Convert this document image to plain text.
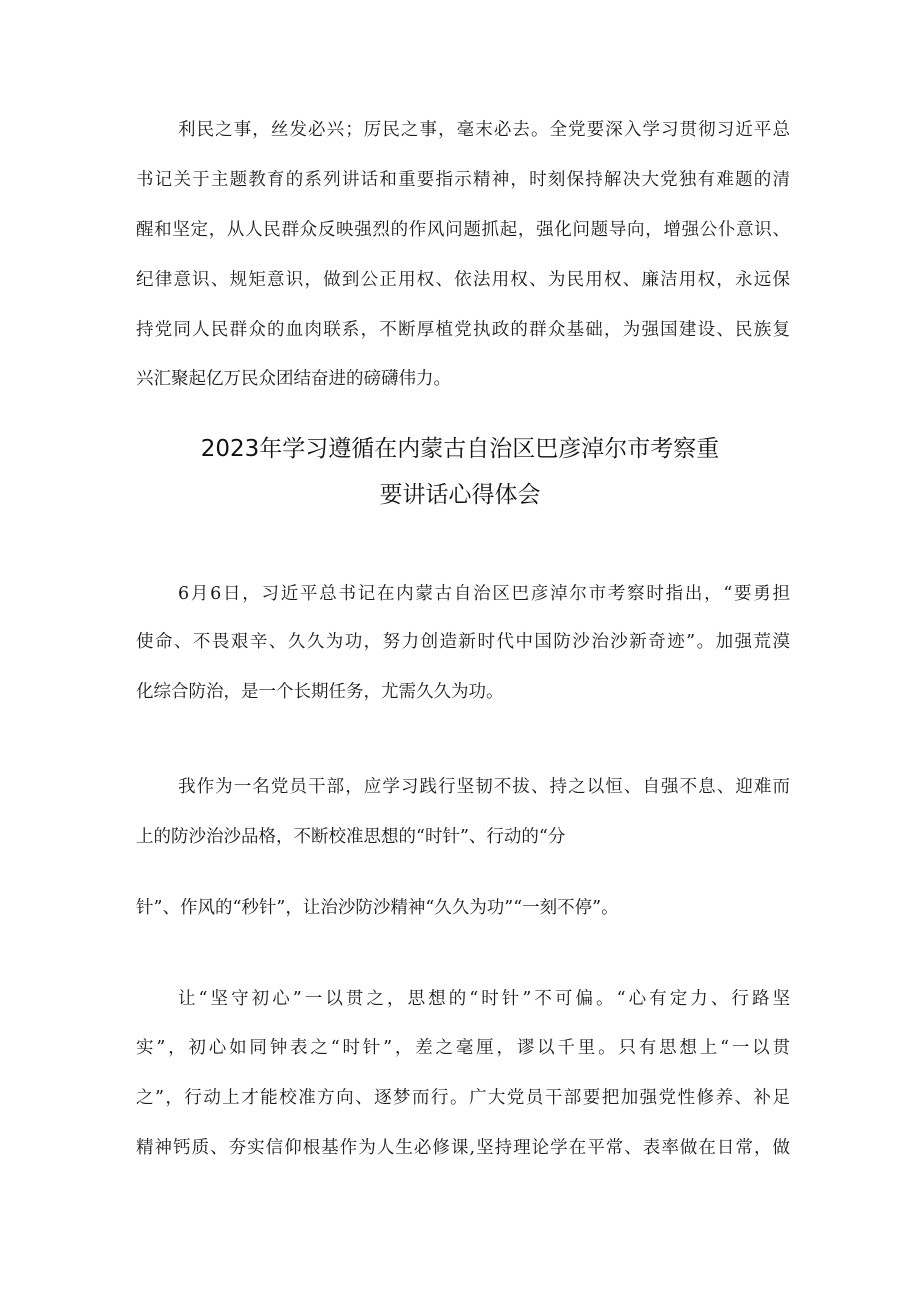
利民之事，丝发必兴；厉民之事，毫末必去。全党要深入学习贯彻习近平总
书记关于主题教育的系列讲话和重要指示精神，时刻保持解决大党独有难题的清
醒和坚定，从人民群众反映强烈的作风问题抓起，强化问题导向，增强公仆意识、
纪律意识、规矩意识，做到公正用权、依法用权、为民用权、廉洁用权，永远保
持党同人民群众的血肉联系，不断厚植党执政的群众基础，为强国建设、民族复
兴汇聚起亿万民众团结奋进的磅礴伟力。
2023年学习遵循在内蒙古自治区巴彦淖尔市考察重
要讲话心得体会
6月6日，习近平总书记在内蒙古自治区巴彦淖尔市考察时指出，“要勇担
使命、不畏艰辛、久久为功，努力创造新时代中国防沙治沙新奇迹”。加强荒漠
化综合防治，是一个长期任务，尤需久久为功。
我作为一名党员干部，应学习践行坚韧不拔、持之以恒、自强不息、迎难而
上的防沙治沙品格，不断校准思想的“时针”、行动的“分
针”、作风的“秒针”，让治沙防沙精神“久久为功”“一刻不停”。
让“坚守初心”一以贯之，思想的“时针”不可偏。“心有定力、行路坚
实”，初心如同钟表之“时针”，差之毫厘，谬以千里。只有思想上“一以贯
之”，行动上才能校准方向、逐梦而行。广大党员干部要把加强党性修养、补足
精神钙质、夯实信仰根基作为人生必修课,坚持理论学在平常、表率做在日常，做
